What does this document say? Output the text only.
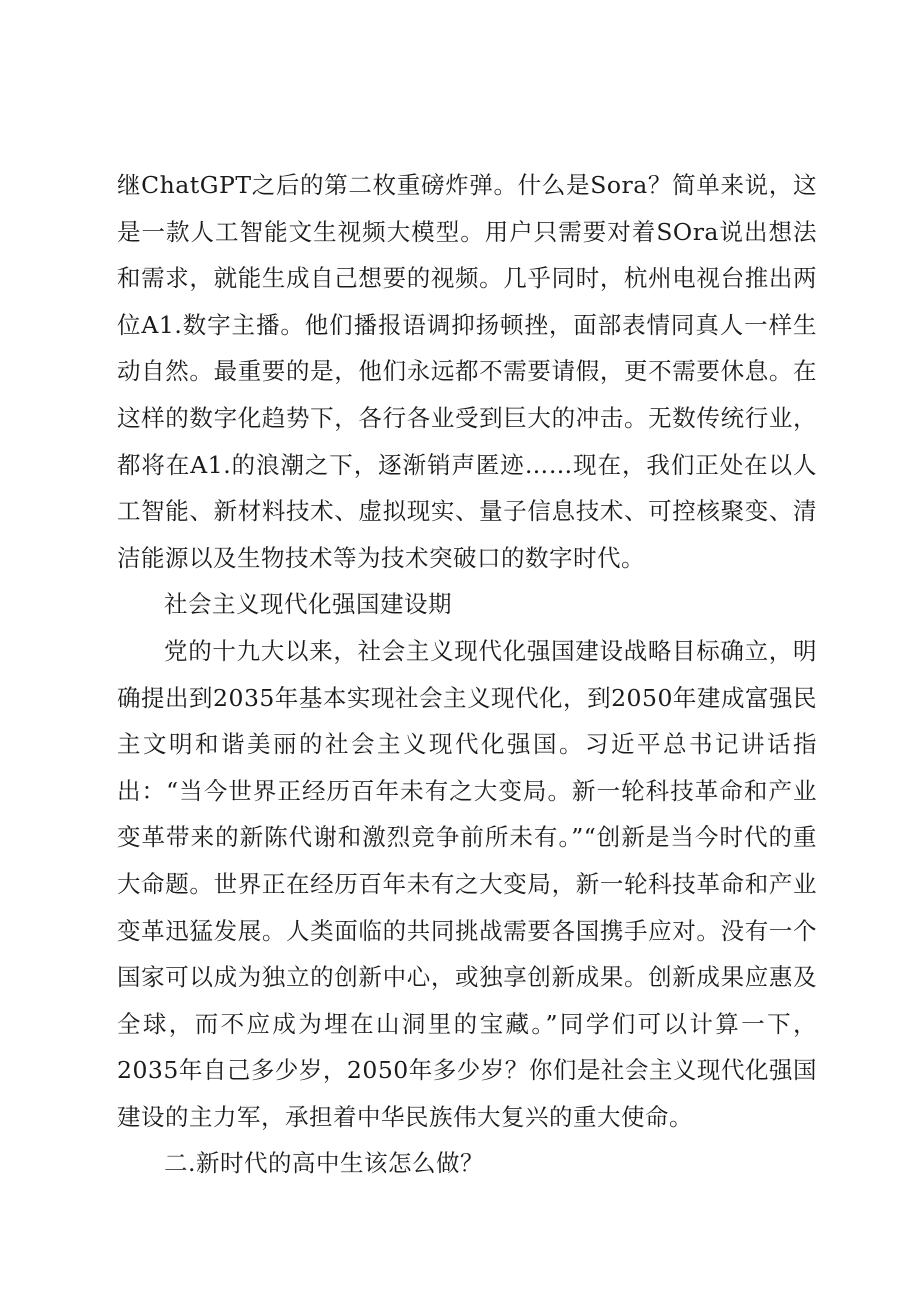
继ChatGPT之后的第二枚重磅炸弹。什么是Sora？简单来说，这是一款人工智能文生视频大模型。用户只需要对着SOra说出想法和需求，就能生成自己想要的视频。几乎同时，杭州电视台推出两位A1.数字主播。他们播报语调抑扬顿挫，面部表情同真人一样生动自然。最重要的是，他们永远都不需要请假，更不需要休息。在这样的数字化趋势下，各行各业受到巨大的冲击。无数传统行业，都将在A1.的浪潮之下，逐渐销声匿迹……现在，我们正处在以人工智能、新材料技术、虚拟现实、量子信息技术、可控核聚变、清洁能源以及生物技术等为技术突破口的数字时代。

社会主义现代化强国建设期

党的十九大以来，社会主义现代化强国建设战略目标确立，明确提出到2035年基本实现社会主义现代化，到2050年建成富强民主文明和谐美丽的社会主义现代化强国。习近平总书记讲话指出：“当今世界正经历百年未有之大变局。新一轮科技革命和产业变革带来的新陈代谢和激烈竞争前所未有。”“创新是当今时代的重大命题。世界正在经历百年未有之大变局，新一轮科技革命和产业变革迅猛发展。人类面临的共同挑战需要各国携手应对。没有一个国家可以成为独立的创新中心，或独享创新成果。创新成果应惠及全球，而不应成为埋在山洞里的宝藏。”同学们可以计算一下，2035年自己多少岁，2050年多少岁？你们是社会主义现代化强国建设的主力军，承担着中华民族伟大复兴的重大使命。

二.新时代的高中生该怎么做？
